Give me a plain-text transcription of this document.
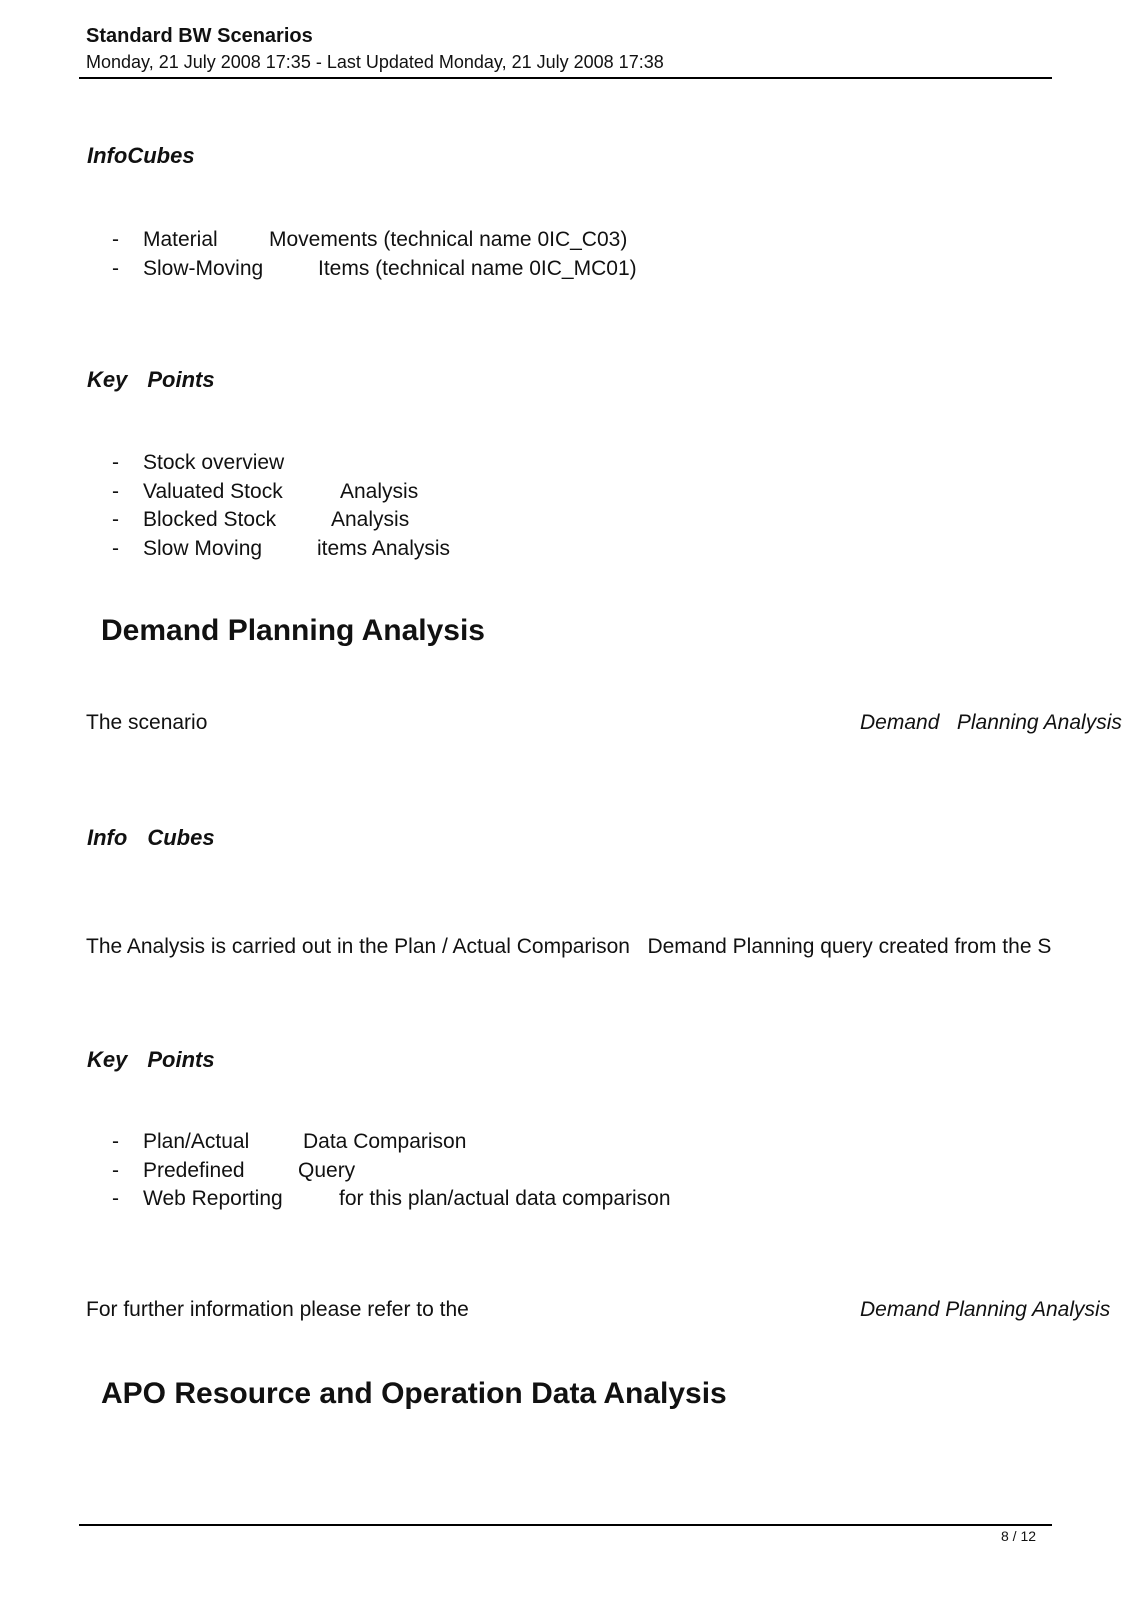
Standard BW Scenarios
Monday, 21 July 2008 17:35 - Last Updated Monday, 21 July 2008 17:38
InfoCubes
- Material Movements (technical name 0IC_C03)
- Slow-Moving	Items (technical name 0IC_MC01)
Key Points
- Stock overview
- Valuated Stock	Analysis
- Blocked Stock	Analysis
- Slow Moving	items Analysis
Demand Planning Analysis
The scenario	Demand   Planning Analysis
Info Cubes
The Analysis is carried out in the Plan / Actual Comparison   Demand Planning query created from the S
Key Points
- Plan/Actual	Data Comparison
- Predefined	Query
- Web Reporting	for this plan/actual data comparison
For further information please refer to the	Demand Planning Analysis
APO Resource and Operation Data Analysis
8 / 12
